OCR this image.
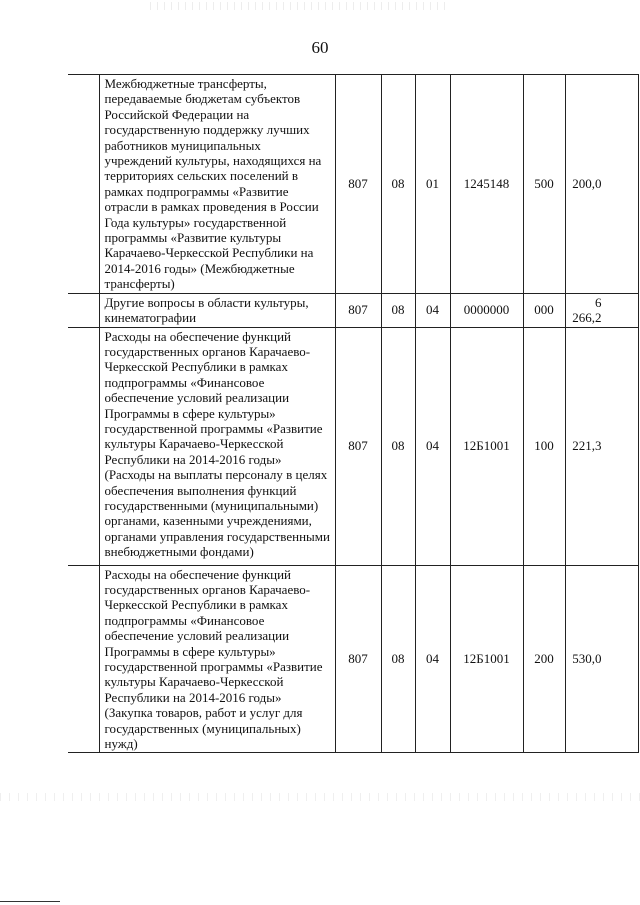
60
	Межбюджетные трансферты, передаваемые бюджетам субъектов Российской Федерации на государственную поддержку лучших работников муниципальных учреждений культуры, находящихся на территориях сельских поселений в рамках подпрограммы «Развитие отрасли в рамках проведения в России Года культуры» государственной программы «Развитие культуры Карачаево-Черкесской Республики на 2014-2016 годы» (Межбюджетные трансферты)	807	08	01	1245148	500	200,0
	Другие вопросы в области культуры, кинематографии	807	08	04	0000000	000	6 266,2
	Расходы на обеспечение функций государственных органов Карачаево-Черкесской Республики в рамках подпрограммы «Финансовое обеспечение условий реализации Программы в сфере культуры» государственной программы «Развитие культуры Карачаево-Черкесской Республики на 2014-2016 годы» (Расходы на выплаты персоналу в целях обеспечения выполнения функций государственными (муниципальными) органами, казенными учреждениями, органами управления государственными внебюджетными фондами)	807	08	04	12Б1001	100	221,3
	Расходы на обеспечение функций государственных органов Карачаево-Черкесской Республики в рамках подпрограммы «Финансовое обеспечение условий реализации Программы в сфере культуры» государственной программы «Развитие культуры Карачаево-Черкесской Республики на 2014-2016 годы» (Закупка товаров, работ и услуг для государственных (муниципальных) нужд)	807	08	04	12Б1001	200	530,0
